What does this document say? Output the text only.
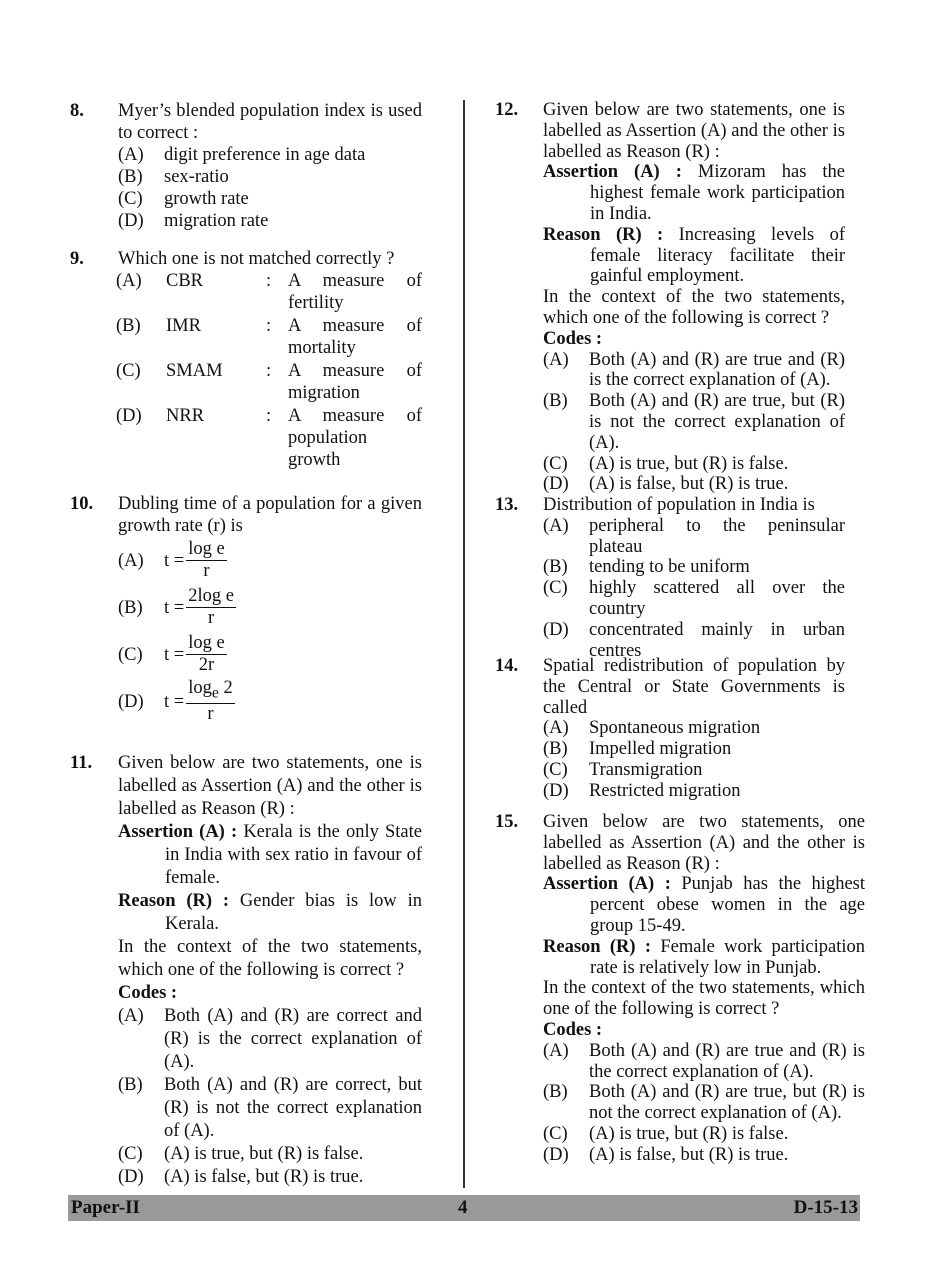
8.	Myer’s blended population index is used to correct :
(A)	digit preference in age data
(B)	sex-ratio
(C)	growth rate
(D)	migration rate
9.	Which one is not matched correctly ?
(A)	CBR	: A measure of fertility
(B)	IMR	: A measure of mortality
(C)	SMAM	: A measure of migration
(D)	NRR	: A measure of population growth
10.	Dubling time of a population for a given growth rate (r) is
(A)	$t = \frac{\text{log e}}{r}$
(B)	$t = \frac{\text{2log e}}{r}$
(C)	$t = \frac{\text{log e}}{2r}$
(D)	$t = \frac{\log_e 2}{r}$
11.	Given below are two statements, one is labelled as Assertion (A) and the other is labelled as Reason (R) :
Assertion (A) : Kerala is the only State in India with sex ratio in favour of female.
Reason (R) : Gender bias is low in Kerala.
In the context of the two statements, which one of the following is correct ?
Codes :
(A)	Both (A) and (R) are correct and (R) is the correct explanation of (A).
(B)	Both (A) and (R) are correct, but (R) is not the correct explanation of (A).
(C)	(A) is true, but (R) is false.
(D)	(A) is false, but (R) is true.
12.	Given below are two statements, one is labelled as Assertion (A) and the other is labelled as Reason (R) :
Assertion (A) : Mizoram has the highest female work participation in India.
Reason (R) : Increasing levels of female literacy facilitate their gainful employment.
In the context of the two statements, which one of the following is correct ?
Codes :
(A)	Both (A) and (R) are true and (R) is the correct explanation of (A).
(B)	Both (A) and (R) are true, but (R) is not the correct explanation of (A).
(C)	(A) is true, but (R) is false.
(D)	(A) is false, but (R) is true.
13.	Distribution of population in India is
(A)	peripheral to the peninsular plateau
(B)	tending to be uniform
(C)	highly scattered all over the country
(D)	concentrated mainly in urban centres
14.	Spatial redistribution of population by the Central or State Governments is called
(A)	Spontaneous migration
(B)	Impelled migration
(C)	Transmigration
(D)	Restricted migration
15.	Given below are two statements, one labelled as Assertion (A) and the other is labelled as Reason (R) :
Assertion (A) : Punjab has the highest percent obese women in the age group 15-49.
Reason (R) : Female work participation rate is relatively low in Punjab.
In the context of the two statements, which one of the following is correct ?
Codes :
(A)	Both (A) and (R) are true and (R) is the correct explanation of (A).
(B)	Both (A) and (R) are true, but (R) is not the correct explanation of (A).
(C)	(A) is true, but (R) is false.
(D)	(A) is false, but (R) is true.
Paper-II	4	D-15-13
